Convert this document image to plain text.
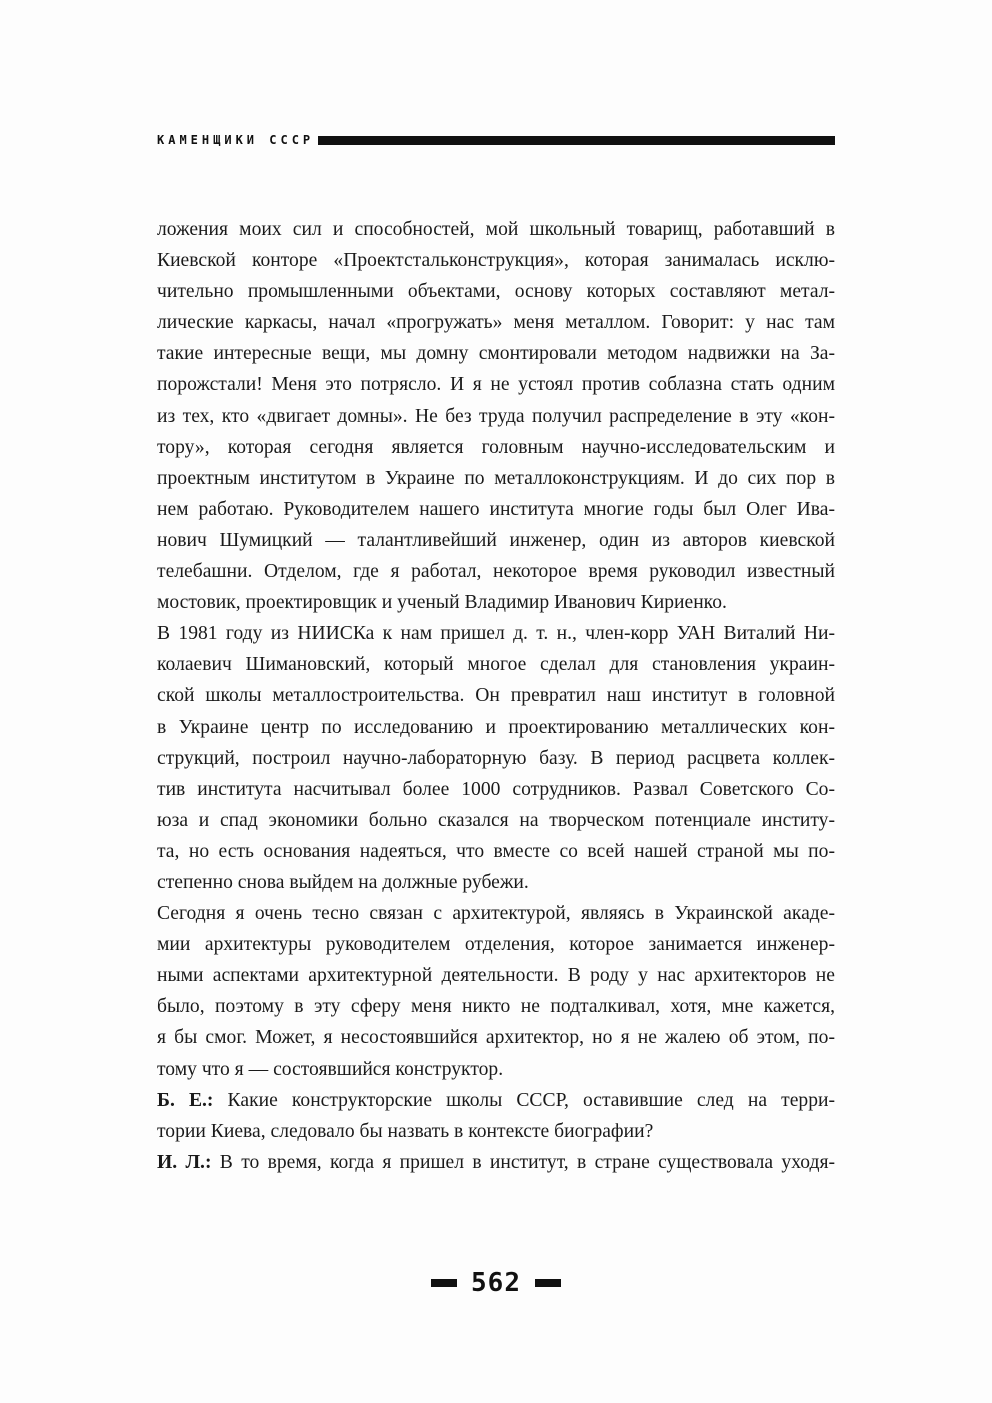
КАМЕНЩИКИ СССР
ложения моих сил и способностей, мой школьный товарищ, работавший в
Киевской конторе «Проектстальконструкция», которая занималась исклю-
чительно промышленными объектами, основу которых составляют метал-
лические каркасы, начал «прогружать» меня металлом. Говорит: у нас там
такие интересные вещи, мы домну смонтировали методом надвижки на За-
порожстали! Меня это потрясло. И я не устоял против соблазна стать одним
из тех, кто «двигает домны». Не без труда получил распределение в эту «кон-
тору», которая сегодня является головным научно-исследовательским и
проектным институтом в Украине по металлоконструкциям. И до сих пор в
нем работаю. Руководителем нашего института многие годы был Олег Ива-
нович Шумицкий — талантливейший инженер, один из авторов киевской
телебашни. Отделом, где я работал, некоторое время руководил известный
мостовик, проектировщик и ученый Владимир Иванович Кириенко.
В 1981 году из НИИСКа к нам пришел д. т. н., член-корр УАН Виталий Ни-
колаевич Шимановский, который многое сделал для становления украин-
ской школы металлостроительства. Он превратил наш институт в головной
в Украине центр по исследованию и проектированию металлических кон-
струкций, построил научно-лабораторную базу. В период расцвета коллек-
тив института насчитывал более 1000 сотрудников. Развал Советского Со-
юза и спад экономики больно сказался на творческом потенциале институ-
та, но есть основания надеяться, что вместе со всей нашей страной мы по-
степенно снова выйдем на должные рубежи.
Сегодня я очень тесно связан с архитектурой, являясь в Украинской акаде-
мии архитектуры руководителем отделения, которое занимается инженер-
ными аспектами архитектурной деятельности. В роду у нас архитекторов не
было, поэтому в эту сферу меня никто не подталкивал, хотя, мне кажется,
я бы смог. Может, я несостоявшийся архитектор, но я не жалею об этом, по-
тому что я — состоявшийся конструктор.
Б. Е.: Какие конструкторские школы СССР, оставившие след на терри-
тории Киева, следовало бы назвать в контексте биографии?
И. Л.: В то время, когда я пришел в институт, в стране существовала уходя-
562
